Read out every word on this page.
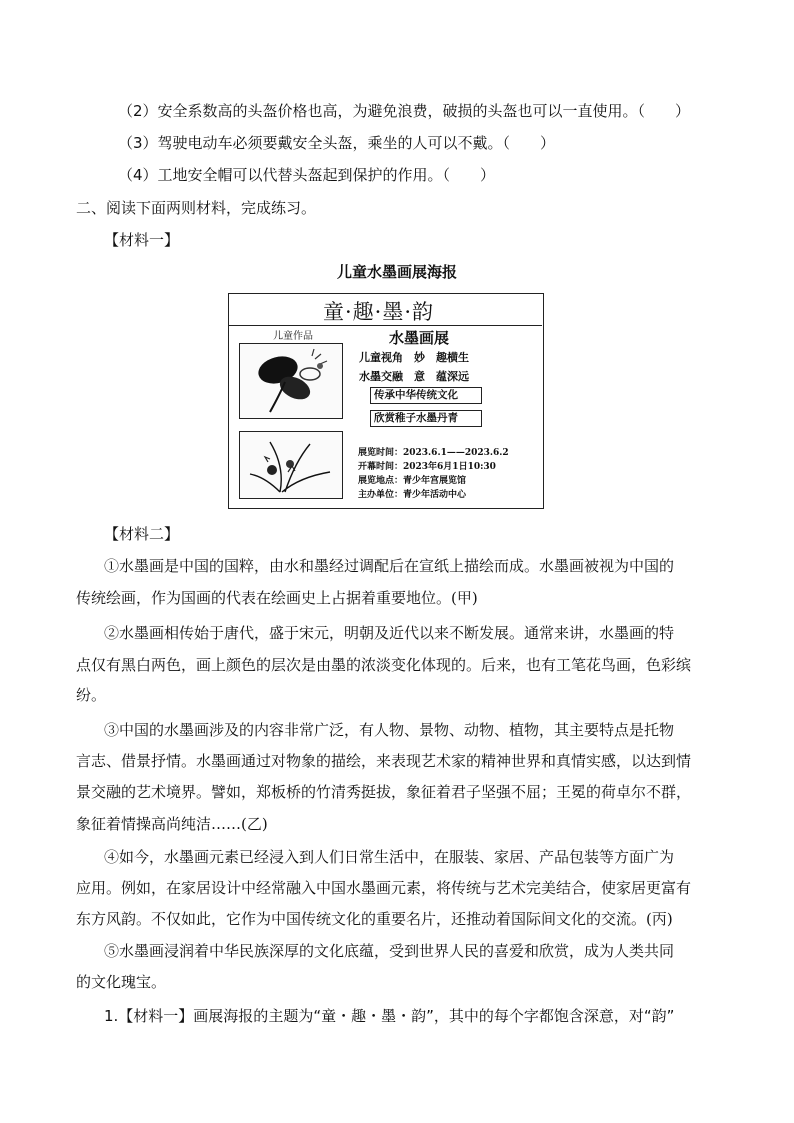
（2）安全系数高的头盔价格也高，为避免浪费，破损的头盔也可以一直使用。（　　）
（3）驾驶电动车必须要戴安全头盔，乘坐的人可以不戴。（　　）
（4）工地安全帽可以代替头盔起到保护的作用。（　　）
二、阅读下面两则材料，完成练习。
【材料一】
儿童水墨画展海报
童·趣·墨·韵
儿童作品	水墨画展
儿童视角　妙　趣横生
水墨交融　意　蕴深远
传承中华传统文化
欣赏稚子水墨丹青
展览时间：2023.6.1——2023.6.2
开幕时间：2023年6月1日10:30
展览地点：青少年宫展览馆
主办单位：青少年活动中心
【材料二】
①水墨画是中国的国粹，由水和墨经过调配后在宣纸上描绘而成。水墨画被视为中国的
传统绘画，作为国画的代表在绘画史上占据着重要地位。(甲)
②水墨画相传始于唐代，盛于宋元，明朝及近代以来不断发展。通常来讲，水墨画的特
点仅有黑白两色，画上颜色的层次是由墨的浓淡变化体现的。后来，也有工笔花鸟画，色彩缤
纷。
③中国的水墨画涉及的内容非常广泛，有人物、景物、动物、植物，其主要特点是托物
言志、借景抒情。水墨画通过对物象的描绘，来表现艺术家的精神世界和真情实感，以达到情
景交融的艺术境界。譬如，郑板桥的竹清秀挺拔，象征着君子坚强不屈；王冕的荷卓尔不群，
象征着情操高尚纯洁……(乙)
④如今，水墨画元素已经浸入到人们日常生活中，在服装、家居、产品包装等方面广为
应用。例如，在家居设计中经常融入中国水墨画元素，将传统与艺术完美结合，使家居更富有
东方风韵。不仅如此，它作为中国传统文化的重要名片，还推动着国际间文化的交流。(丙)
⑤水墨画浸润着中华民族深厚的文化底蕴，受到世界人民的喜爱和欣赏，成为人类共同
的文化瑰宝。
1.【材料一】画展海报的主题为“童・趣・墨・韵”，其中的每个字都饱含深意，对“韵”
